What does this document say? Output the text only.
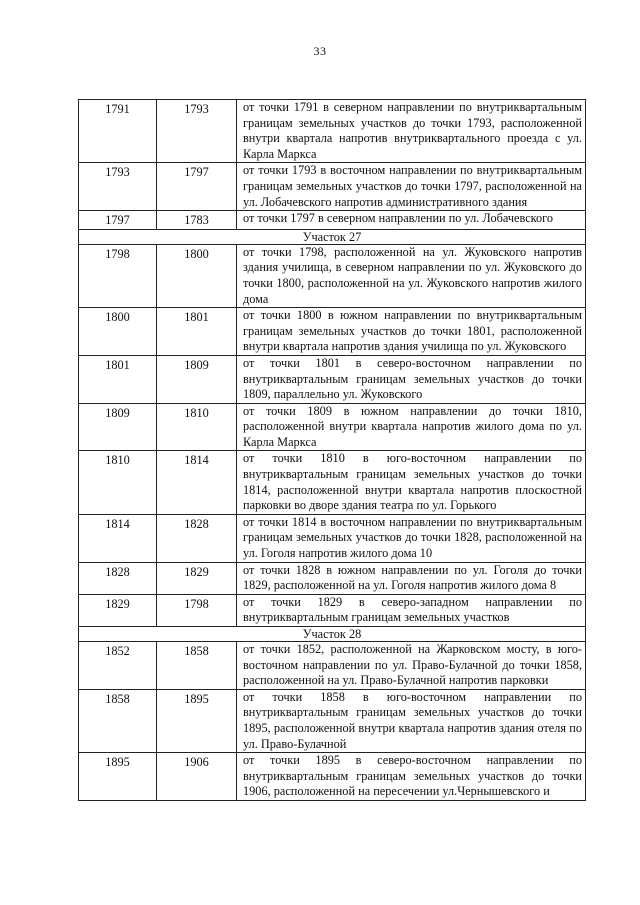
33
1791	1793	от точки 1791 в северном направлении по внутриквартальным границам земельных участков до точки 1793, расположенной внутри квартала напротив внутриквартального проезда с ул. Карла Маркса
1793	1797	от точки 1793 в восточном направлении по внутриквартальным границам земельных участков до точки 1797, расположенной на ул. Лобачевского напротив административного здания
1797	1783	от точки 1797 в северном направлении по ул. Лобачевского
Участок 27		
1798	1800	от точки 1798, расположенной на ул. Жуковского напротив здания училища, в северном направлении по ул. Жуковского до точки 1800, расположенной на ул. Жуковского напротив жилого дома
1800	1801	от точки 1800 в южном направлении по внутриквартальным границам земельных участков до точки 1801, расположенной внутри квартала напротив здания училища по ул. Жуковского
1801	1809	от точки 1801 в северо-восточном направлении по внутриквартальным границам земельных участков до точки 1809, параллельно ул. Жуковского
1809	1810	от точки 1809 в южном направлении до точки 1810, расположенной внутри квартала напротив жилого дома по ул. Карла Маркса
1810	1814	от точки 1810 в юго-восточном направлении по внутриквартальным границам земельных участков до точки 1814, расположенной внутри квартала напротив плоскостной парковки во дворе здания театра по ул. Горького
1814	1828	от точки 1814 в восточном направлении по внутриквартальным границам земельных участков до точки 1828, расположенной на ул. Гоголя напротив жилого дома 10
1828	1829	от точки 1828 в южном направлении по ул. Гоголя до точки 1829, расположенной на ул. Гоголя напротив жилого дома 8
1829	1798	от точки 1829 в северо-западном направлении по внутриквартальным границам земельных участков
Участок 28		
1852	1858	от точки 1852, расположенной на Жарковском мосту, в юго-восточном направлении по ул. Право-Булачной до точки 1858, расположенной на ул. Право-Булачной напротив парковки
1858	1895	от точки 1858 в юго-восточном направлении по внутриквартальным границам земельных участков до точки 1895, расположенной внутри квартала напротив здания отеля по ул. Право-Булачной
1895	1906	от точки 1895 в северо-восточном направлении по внутриквартальным границам земельных участков до точки 1906, расположенной на пересечении ул.Чернышевского и
